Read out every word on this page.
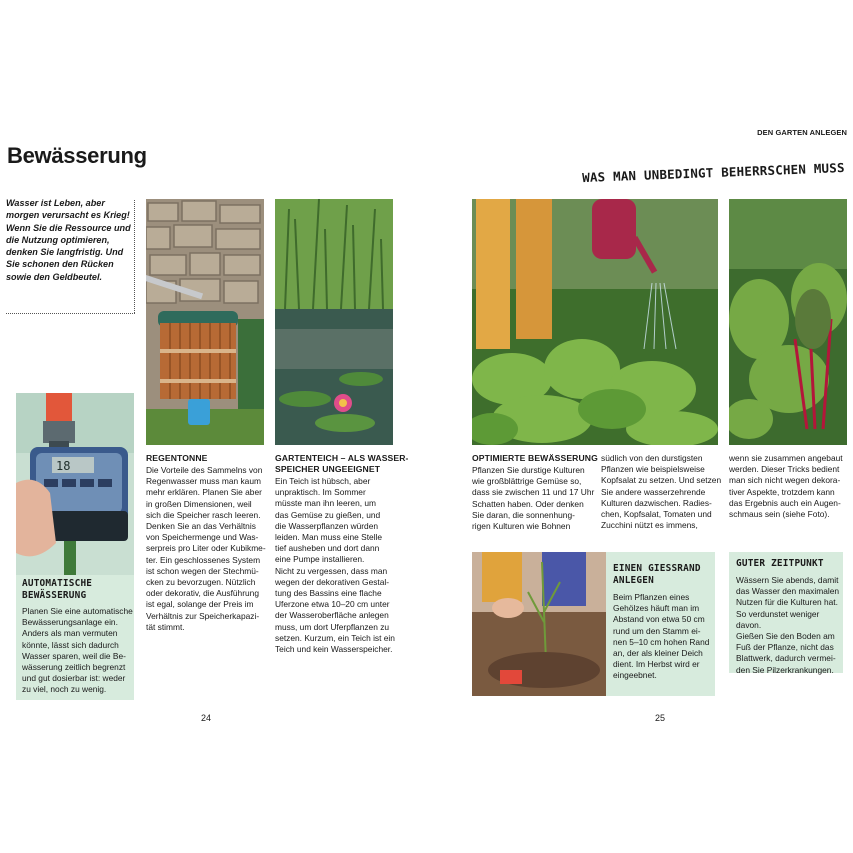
DEN GARTEN ANLEGEN
Bewässerung
WAS MAN UNBEDINGT BEHERRSCHEN MUSS
Wasser ist Leben, aber
morgen verursacht es Krieg!
Wenn Sie die Ressource und
die Nutzung optimieren,
denken Sie langfristig. Und
Sie schonen den Rücken
sowie den Geldbeutel.
18
AUTOMATISCHE
BEWÄSSERUNG
Planen Sie eine automatische
Bewässerungsanlage ein.
Anders als man vermuten
könnte, lässt sich dadurch
Wasser sparen, weil die Be-
wässerung zeitlich begrenzt
und gut dosierbar ist: weder
zu viel, noch zu wenig.
REGENTONNE
Die Vorteile des Sammelns von
Regenwasser muss man kaum
mehr erklären. Planen Sie aber
in großen Dimensionen, weil
sich die Speicher rasch leeren.
Denken Sie an das Verhältnis
von Speichermenge und Was-
serpreis pro Liter oder Kubikme-
ter. Ein geschlossenes System
ist schon wegen der Stechmü-
cken zu bevorzugen. Nützlich
oder dekorativ, die Ausführung
ist egal, solange der Preis im
Verhältnis zur Speicherkapazi-
tät stimmt.
GARTENTEICH – ALS WASSER-
SPEICHER UNGEEIGNET
Ein Teich ist hübsch, aber
unpraktisch. Im Sommer
müsste man ihn leeren, um
das Gemüse zu gießen, und
die Wasserpflanzen würden
leiden. Man muss eine Stelle
tief ausheben und dort dann
eine Pumpe installieren.
Nicht zu vergessen, dass man
wegen der dekorativen Gestal-
tung des Bassins eine flache
Uferzone etwa 10–20 cm unter
der Wasseroberfläche anlegen
muss, um dort Uferpflanzen zu
setzen. Kurzum, ein Teich ist ein
Teich und kein Wasserspeicher.
24
OPTIMIERTE BEWÄSSERUNG
Pflanzen Sie durstige Kulturen
wie großblättrige Gemüse so,
dass sie zwischen 11 und 17 Uhr
Schatten haben. Oder denken
Sie daran, die sonnenhung-
rigen Kulturen wie Bohnen
südlich von den durstigsten
Pflanzen wie beispielsweise
Kopfsalat zu setzen. Und setzen
Sie andere wasserzehrende
Kulturen dazwischen. Radies-
chen, Kopfsalat, Tomaten und
Zucchini nützt es immens,
wenn sie zusammen angebaut
werden. Dieser Tricks bedient
man sich nicht wegen dekora-
tiver Aspekte, trotzdem kann
das Ergebnis auch ein Augen-
schmaus sein (siehe Foto).
EINEN GIESSRAND
ANLEGEN
Beim Pflanzen eines
Gehölzes häuft man im
Abstand von etwa 50 cm
rund um den Stamm ei-
nen 5–10 cm hohen Rand
an, der als kleiner Deich
dient. Im Herbst wird er
eingeebnet.
GUTER ZEITPUNKT
Wässern Sie abends, damit
das Wasser den maximalen
Nutzen für die Kulturen hat.
So verdunstet weniger davon.
Gießen Sie den Boden am
Fuß der Pflanze, nicht das
Blattwerk, dadurch vermei-
den Sie Pilzerkrankungen.
25
